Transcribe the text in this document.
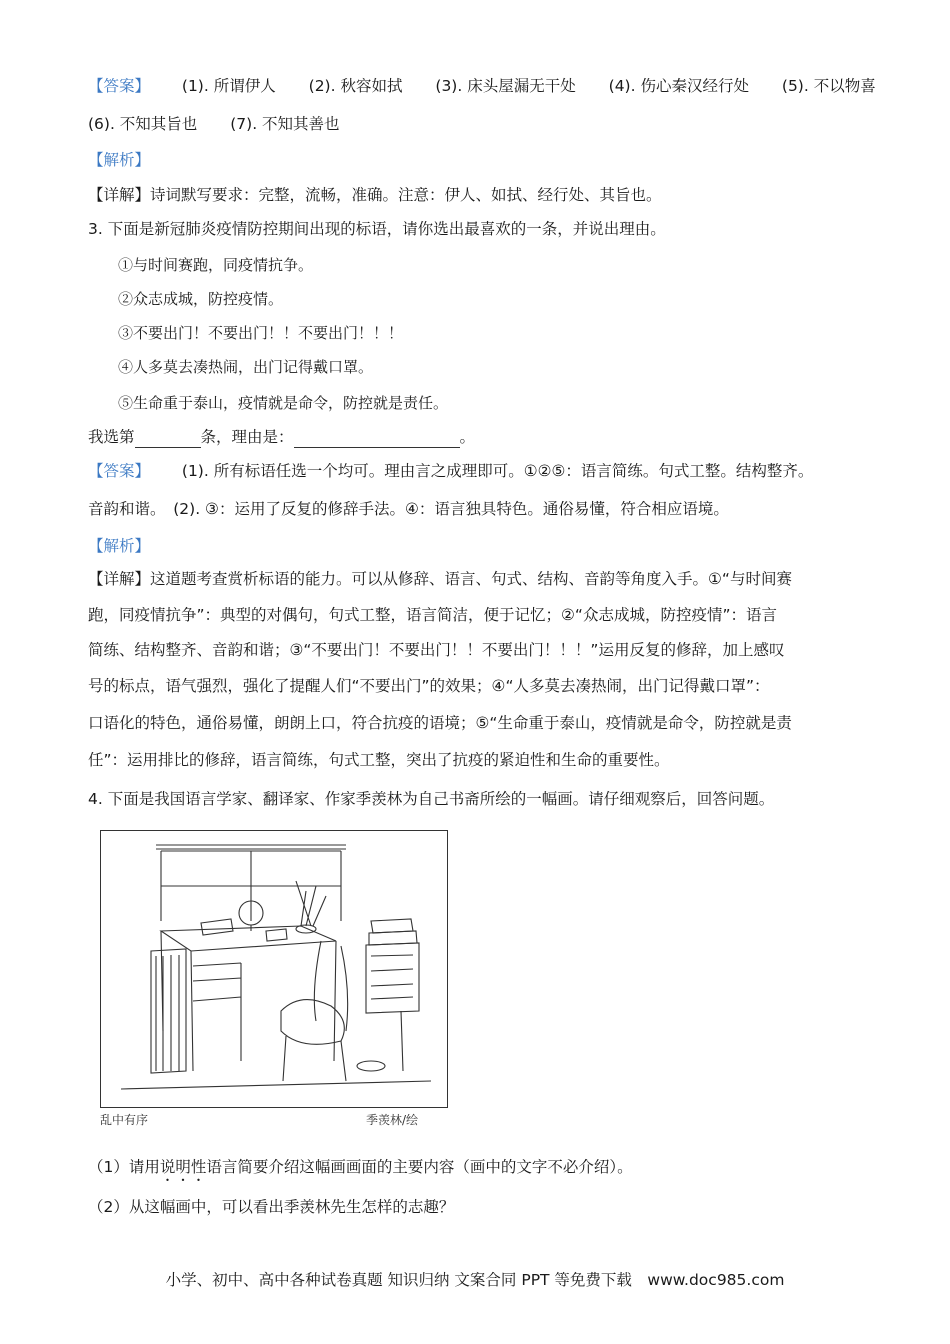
【答案】 (1). 所谓伊人 (2). 秋容如拭 (3). 床头屋漏无干处 (4). 伤心秦汉经行处 (5). 不以物喜
(6). 不知其旨也 (7). 不知其善也
【解析】
【详解】诗词默写要求：完整，流畅，准确。注意：伊人、如拭、经行处、其旨也。
3. 下面是新冠肺炎疫情防控期间出现的标语，请你选出最喜欢的一条，并说出理由。
①与时间赛跑，同疫情抗争。
②众志成城，防控疫情。
③不要出门！不要出门！！不要出门！！！
④人多莫去凑热闹，出门记得戴口罩。
⑤生命重于泰山，疫情就是命令，防控就是责任。
我选第	条，理由是：	。
【答案】 (1). 所有标语任选一个均可。理由言之成理即可。①②⑤：语言简练。句式工整。结构整齐。
音韵和谐。　(2). ③：运用了反复的修辞手法。④：语言独具特色。通俗易懂，符合相应语境。
【解析】
【详解】这道题考查赏析标语的能力。可以从修辞、语言、句式、结构、音韵等角度入手。①“与时间赛
跑，同疫情抗争”：典型的对偶句，句式工整，语言简洁，便于记忆；②“众志成城，防控疫情”：语言
简练、结构整齐、音韵和谐；③“不要出门！不要出门！！不要出门！！！”运用反复的修辞，加上感叹
号的标点，语气强烈，强化了提醒人们“不要出门”的效果；④“人多莫去凑热闹，出门记得戴口罩”：
口语化的特色，通俗易懂，朗朗上口，符合抗疫的语境；⑤“生命重于泰山，疫情就是命令，防控就是责
任”：运用排比的修辞，语言简练，句式工整，突出了抗疫的紧迫性和生命的重要性。
4. 下面是我国语言学家、翻译家、作家季羡林为自己书斋所绘的一幅画。请仔细观察后，回答问题。
乱中有序	季羡林/绘
（1）请用说明性语言简要介绍这幅画画面的主要内容（画中的文字不必介绍）。
（2）从这幅画中，可以看出季羡林先生怎样的志趣？
小学、初中、高中各种试卷真题 知识归纳 文案合同 PPT 等免费下载　www.doc985.com
